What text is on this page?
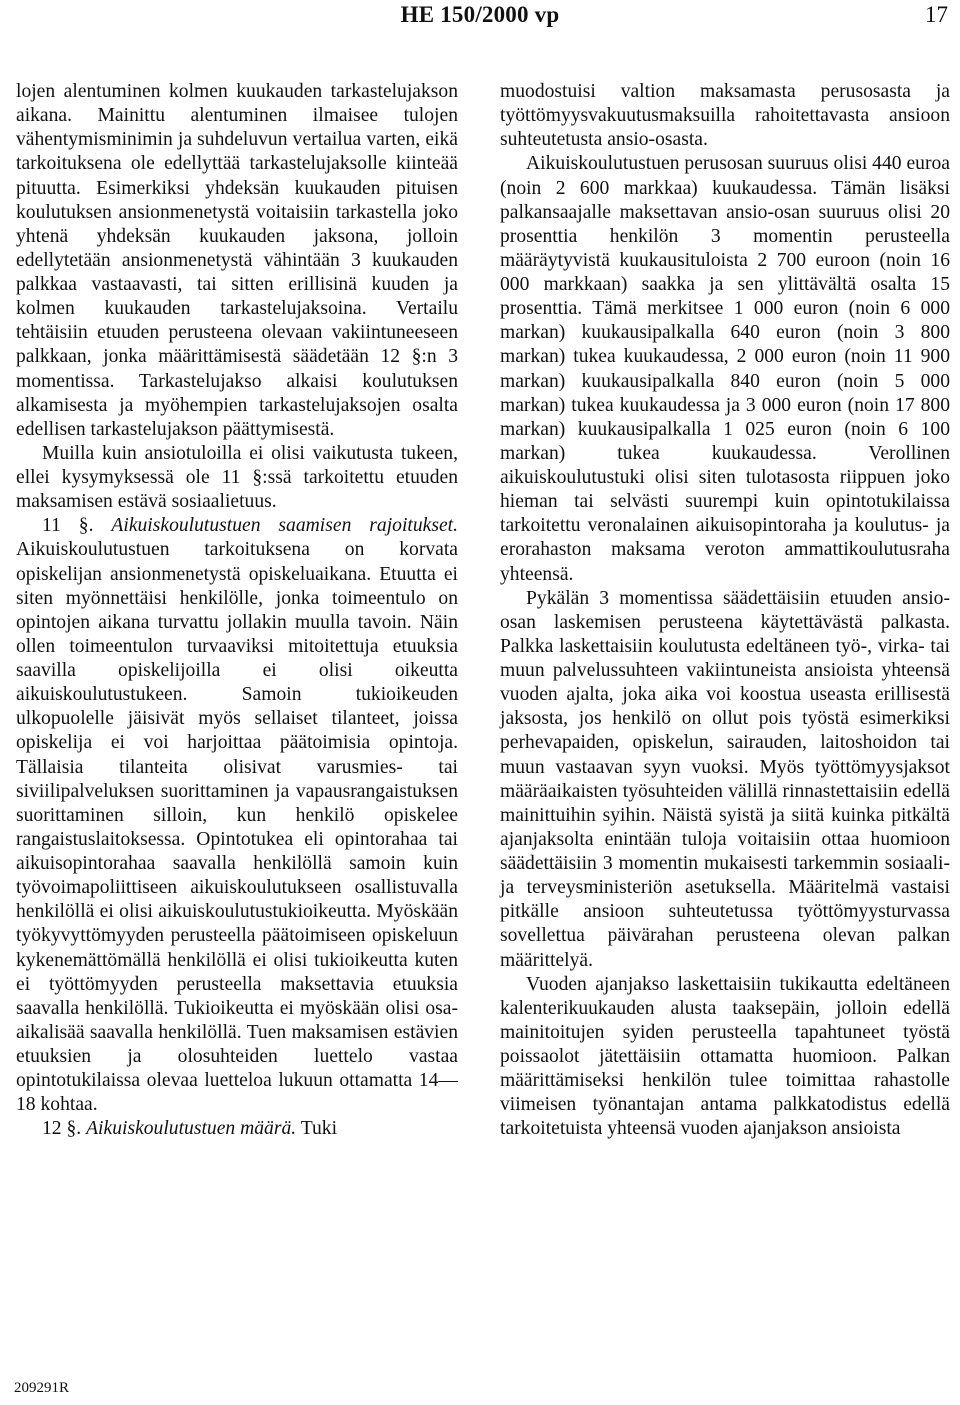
HE 150/2000 vp	17

lojen alentuminen kolmen kuukauden tarkastelujakson aikana. Mainittu alentuminen ilmaisee tulojen vähentymisminimin ja suhdeluvun vertailua varten, eikä tarkoituksena ole edellyttää tarkastelujaksolle kiinteää pituutta. Esimerkiksi yhdeksän kuukauden pituisen koulutuksen ansionmenetystä voitaisiin tarkastella joko yhtenä yhdeksän kuukauden jaksona, jolloin edellytetään ansionmenetystä vähintään 3 kuukauden palkkaa vastaavasti, tai sitten erillisinä kuuden ja kolmen kuukauden tarkastelujaksoina. Vertailu tehtäisiin etuuden perusteena olevaan vakiintuneeseen palkkaan, jonka määrittämisestä säädetään 12 §:n 3 momentissa. Tarkastelujakso alkaisi koulutuksen alkamisesta ja myöhempien tarkastelujaksojen osalta edellisen tarkastelujakson päättymisestä.

Muilla kuin ansiotuloilla ei olisi vaikutusta tukeen, ellei kysymyksessä ole 11 §:ssä tarkoitettu etuuden maksamisen estävä sosiaalietuus.

11 §. Aikuiskoulutustuen saamisen rajoitukset. Aikuiskoulutustuen tarkoituksena on korvata opiskelijan ansionmenetystä opiskeluaikana. Etuutta ei siten myönnettäisi henkilölle, jonka toimeentulo on opintojen aikana turvattu jollakin muulla tavoin. Näin ollen toimeentulon turvaaviksi mitoitettuja etuuksia saavilla opiskelijoilla ei olisi oikeutta aikuiskoulutustukeen. Samoin tukioikeuden ulkopuolelle jäisivät myös sellaiset tilanteet, joissa opiskelija ei voi harjoittaa päätoimisia opintoja. Tällaisia tilanteita olisivat varusmies- tai siviilipalveluksen suorittaminen ja vapausrangaistuksen suorittaminen silloin, kun henkilö opiskelee rangaistuslaitoksessa. Opintotukea eli opintorahaa tai aikuisopintorahaa saavalla henkilöllä samoin kuin työvoimapoliittiseen aikuiskoulutukseen osallistuvalla henkilöllä ei olisi aikuiskoulutustukioikeutta. Myöskään työkyvyttömyyden perusteella päätoimiseen opiskeluun kykenemättömällä henkilöllä ei olisi tukioikeutta kuten ei työttömyyden perusteella maksettavia etuuksia saavalla henkilöllä. Tukioikeutta ei myöskään olisi osa-aikalisää saavalla henkilöllä. Tuen maksamisen estävien etuuksien ja olosuhteiden luettelo vastaa opintotukilaissa olevaa luetteloa lukuun ottamatta 14—18 kohtaa.

12 §. Aikuiskoulutustuen määrä. Tuki

muodostuisi valtion maksamasta perusosasta ja työttömyysvakuutusmaksuilla rahoitettavasta ansioon suhteutetusta ansio-osasta.

Aikuiskoulutustuen perusosan suuruus olisi 440 euroa (noin 2 600 markkaa) kuukaudessa. Tämän lisäksi palkansaajalle maksettavan ansio-osan suuruus olisi 20 prosenttia henkilön 3 momentin perusteella määräytyvistä kuukausituloista 2 700 euroon (noin 16 000 markkaan) saakka ja sen ylittävältä osalta 15 prosenttia. Tämä merkitsee 1 000 euron (noin 6 000 markan) kuukausipalkalla 640 euron (noin 3 800 markan) tukea kuukaudessa, 2 000 euron (noin 11 900 markan) kuukausipalkalla 840 euron (noin 5 000 markan) tukea kuukaudessa ja 3 000 euron (noin 17 800 markan) kuukausipalkalla 1 025 euron (noin 6 100 markan) tukea kuukaudessa. Verollinen aikuiskoulutustuki olisi siten tulotasosta riippuen joko hieman tai selvästi suurempi kuin opintotukilaissa tarkoitettu veronalainen aikuisopintoraha ja koulutus- ja erorahaston maksama veroton ammattikoulutusraha yhteensä.

Pykälän 3 momentissa säädettäisiin etuuden ansio-osan laskemisen perusteena käytettävästä palkasta. Palkka laskettaisiin koulutusta edeltäneen työ-, virka- tai muun palvelussuhteen vakiintuneista ansioista yhteensä vuoden ajalta, joka aika voi koostua useasta erillisestä jaksosta, jos henkilö on ollut pois työstä esimerkiksi perhevapaiden, opiskelun, sairauden, laitoshoidon tai muun vastaavan syyn vuoksi. Myös työttömyysjaksot määräaikaisten työsuhteiden välillä rinnastettaisiin edellä mainittuihin syihin. Näistä syistä ja siitä kuinka pitkältä ajanjaksolta enintään tuloja voitaisiin ottaa huomioon säädettäisiin 3 momentin mukaisesti tarkemmin sosiaali- ja terveysministeriön asetuksella. Määritelmä vastaisi pitkälle ansioon suhteutetussa työttömyysturvassa sovellettua päivärahan perusteena olevan palkan määrittelyä.

Vuoden ajanjakso laskettaisiin tukikautta edeltäneen kalenterikuukauden alusta taaksepäin, jolloin edellä mainitoitujen syiden perusteella tapahtuneet työstä poissaolot jätettäisiin ottamatta huomioon. Palkan määrittämiseksi henkilön tulee toimittaa rahastolle viimeisen työnantajan antama palkkatodistus edellä tarkoitetuista yhteensä vuoden ajanjakson ansioista

209291R
